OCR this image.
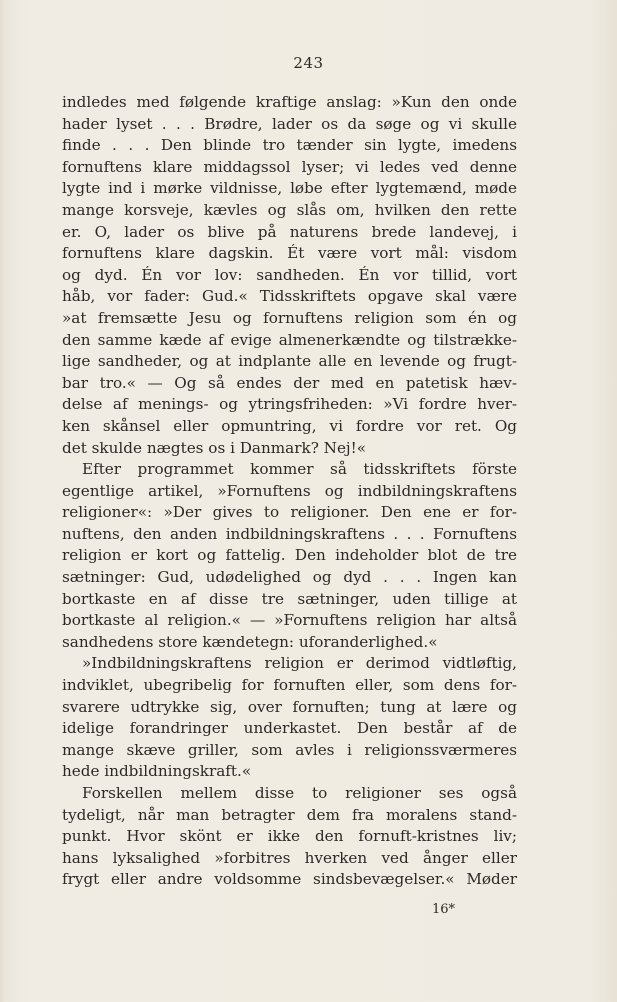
243
indledes med følgende kraftige anslag: »Kun den onde
hader lyset . . . Brødre, lader os da søge og vi skulle
finde . . . Den blinde tro tænder sin lygte, imedens
fornuftens klare middagssol lyser; vi ledes ved denne
lygte ind i mørke vildnisse, løbe efter lygtemænd, møde
mange korsveje, kævles og slås om, hvilken den rette
er. O, lader os blive på naturens brede landevej, i
fornuftens klare dagskin. Ét være vort mål: visdom
og dyd. Én vor lov: sandheden. Én vor tillid, vort
håb, vor fader: Gud.« Tidsskriftets opgave skal være
»at fremsætte Jesu og fornuftens religion som én og
den samme kæde af evige almenerkændte og tilstrække-
lige sandheder, og at indplante alle en levende og frugt-
bar tro.« — Og så endes der med en patetisk hæv-
delse af menings- og ytringsfriheden: »Vi fordre hver-
ken skånsel eller opmuntring, vi fordre vor ret. Og
det skulde nægtes os i Danmark? Nej!«
Efter programmet kommer så tidsskriftets förste
egentlige artikel, »Fornuftens og indbildningskraftens
religioner«: »Der gives to religioner. Den ene er for-
nuftens, den anden indbildningskraftens . . . Fornuftens
religion er kort og fattelig. Den indeholder blot de tre
sætninger: Gud, udødelighed og dyd . . . Ingen kan
bortkaste en af disse tre sætninger, uden tillige at
bortkaste al religion.« — »Fornuftens religion har altså
sandhedens store kændetegn: uforanderlighed.«
»Indbildningskraftens religion er derimod vidtløftig,
indviklet, ubegribelig for fornuften eller, som dens for-
svarere udtrykke sig, over fornuften; tung at lære og
idelige forandringer underkastet. Den består af de
mange skæve griller, som avles i religionssværmeres
hede indbildningskraft.«
Forskellen mellem disse to religioner ses også
tydeligt, når man betragter dem fra moralens stand-
punkt. Hvor skönt er ikke den fornuft-kristnes liv;
hans lyksalighed »forbitres hverken ved ånger eller
frygt eller andre voldsomme sindsbevægelser.« Møder
16*
